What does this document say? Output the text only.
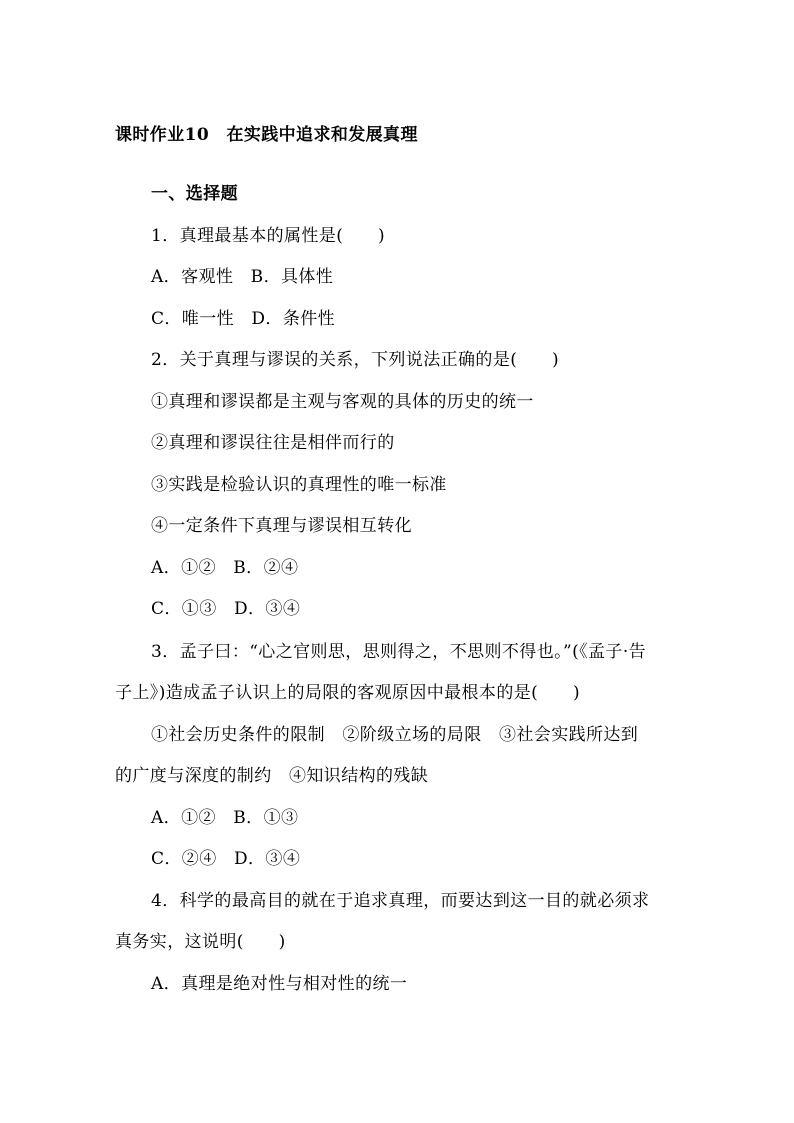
课时作业10　在实践中追求和发展真理
一、选择题
1．真理最基本的属性是(　　)
A．客观性　B．具体性
C．唯一性　D．条件性
2．关于真理与谬误的关系，下列说法正确的是(　　)
①真理和谬误都是主观与客观的具体的历史的统一
②真理和谬误往往是相伴而行的
③实践是检验认识的真理性的唯一标准
④一定条件下真理与谬误相互转化
A．①②　B．②④
C．①③　D．③④
3．孟子曰：“心之官则思，思则得之，不思则不得也。”(《孟子·告
子上》)造成孟子认识上的局限的客观原因中最根本的是(　　)
①社会历史条件的限制　②阶级立场的局限　③社会实践所达到
的广度与深度的制约　④知识结构的残缺
A．①②　B．①③
C．②④　D．③④
4．科学的最高目的就在于追求真理，而要达到这一目的就必须求
真务实，这说明(　　)
A．真理是绝对性与相对性的统一
